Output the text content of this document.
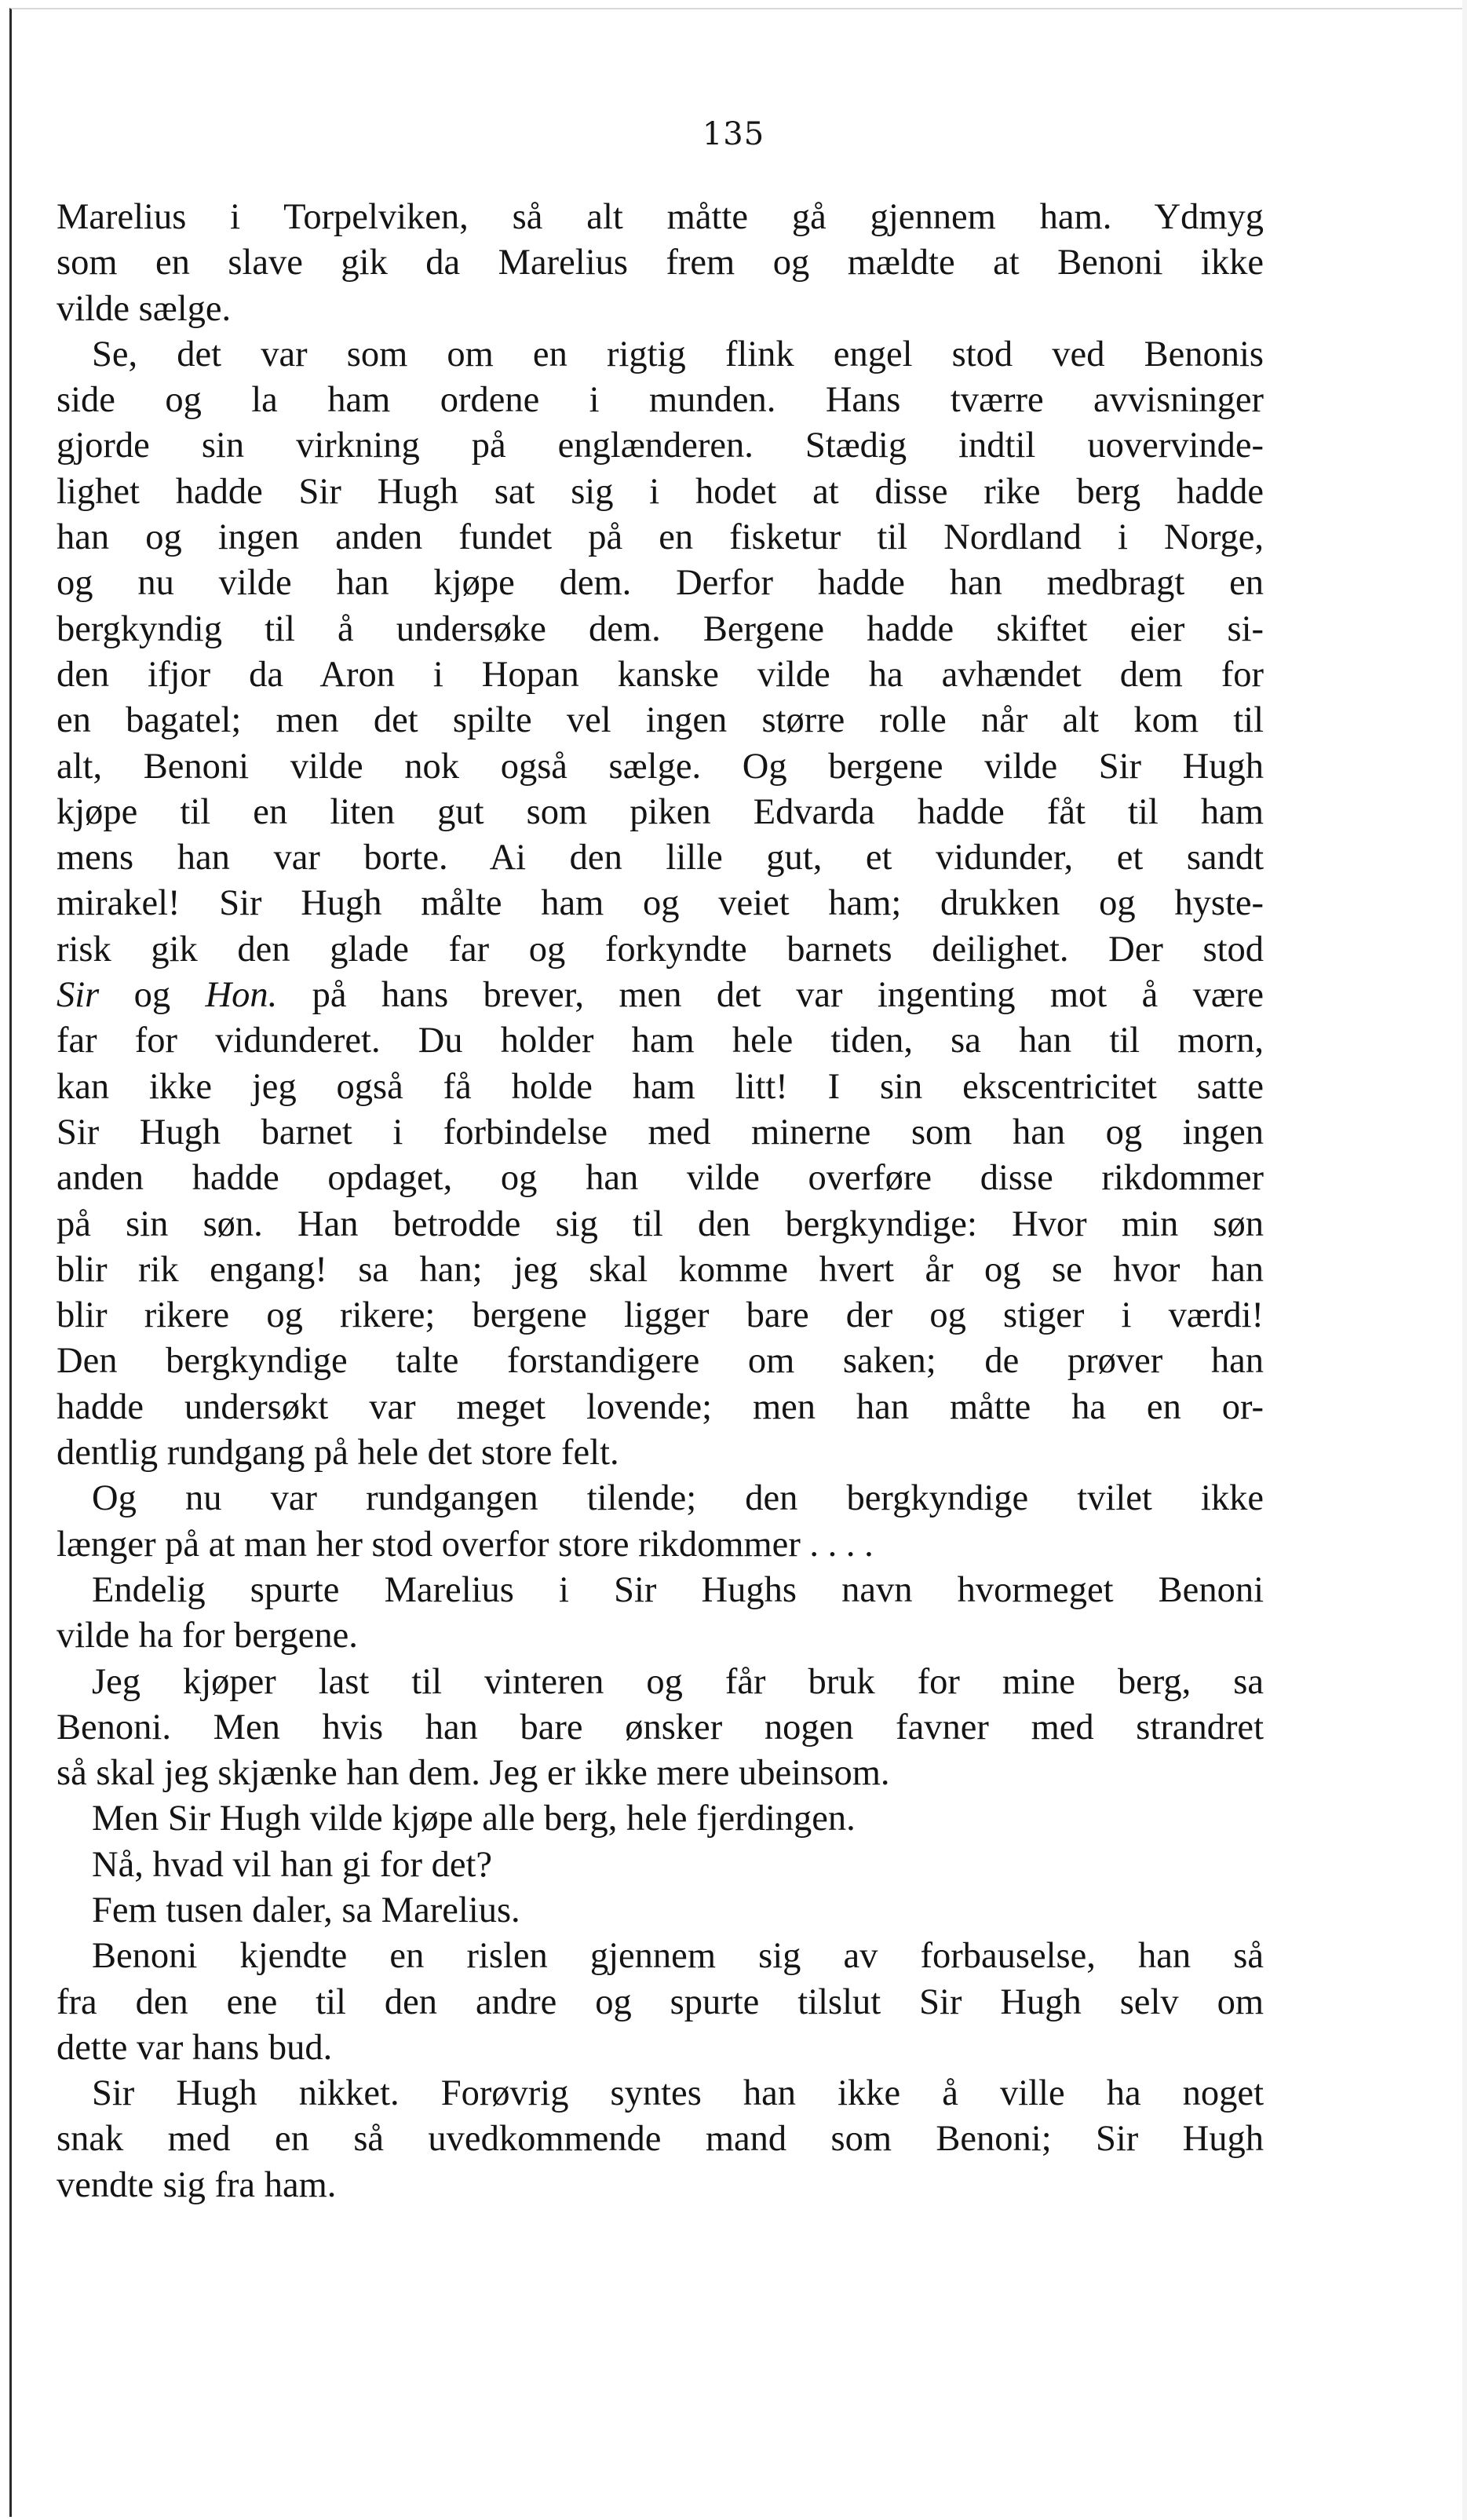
135
Marelius i Torpelviken, så alt måtte gå gjennem ham. Ydmyg
som en slave gik da Marelius frem og mældte at Benoni ikke
vilde sælge.
Se, det var som om en rigtig flink engel stod ved Benonis
side og la ham ordene i munden. Hans tværre avvisninger
gjorde sin virkning på englænderen. Stædig indtil uovervinde-
lighet hadde Sir Hugh sat sig i hodet at disse rike berg hadde
han og ingen anden fundet på en fisketur til Nordland i Norge,
og nu vilde han kjøpe dem. Derfor hadde han medbragt en
bergkyndig til å undersøke dem. Bergene hadde skiftet eier si-
den ifjor da Aron i Hopan kanske vilde ha avhændet dem for
en bagatel; men det spilte vel ingen større rolle når alt kom til
alt, Benoni vilde nok også sælge. Og bergene vilde Sir Hugh
kjøpe til en liten gut som piken Edvarda hadde fåt til ham
mens han var borte. Ai den lille gut, et vidunder, et sandt
mirakel! Sir Hugh målte ham og veiet ham; drukken og hyste-
risk gik den glade far og forkyndte barnets deilighet. Der stod
Sir og Hon. på hans brever, men det var ingenting mot å være
far for vidunderet. Du holder ham hele tiden, sa han til morn,
kan ikke jeg også få holde ham litt! I sin ekscentricitet satte
Sir Hugh barnet i forbindelse med minerne som han og ingen
anden hadde opdaget, og han vilde overføre disse rikdommer
på sin søn. Han betrodde sig til den bergkyndige: Hvor min søn
blir rik engang! sa han; jeg skal komme hvert år og se hvor han
blir rikere og rikere; bergene ligger bare der og stiger i værdi!
Den bergkyndige talte forstandigere om saken; de prøver han
hadde undersøkt var meget lovende; men han måtte ha en or-
dentlig rundgang på hele det store felt.
Og nu var rundgangen tilende; den bergkyndige tvilet ikke
længer på at man her stod overfor store rikdommer . . . .
Endelig spurte Marelius i Sir Hughs navn hvormeget Benoni
vilde ha for bergene.
Jeg kjøper last til vinteren og får bruk for mine berg, sa
Benoni. Men hvis han bare ønsker nogen favner med strandret
så skal jeg skjænke han dem. Jeg er ikke mere ubeinsom.
Men Sir Hugh vilde kjøpe alle berg, hele fjerdingen.
Nå, hvad vil han gi for det?
Fem tusen daler, sa Marelius.
Benoni kjendte en rislen gjennem sig av forbauselse, han så
fra den ene til den andre og spurte tilslut Sir Hugh selv om
dette var hans bud.
Sir Hugh nikket. Forøvrig syntes han ikke å ville ha noget
snak med en så uvedkommende mand som Benoni; Sir Hugh
vendte sig fra ham.
